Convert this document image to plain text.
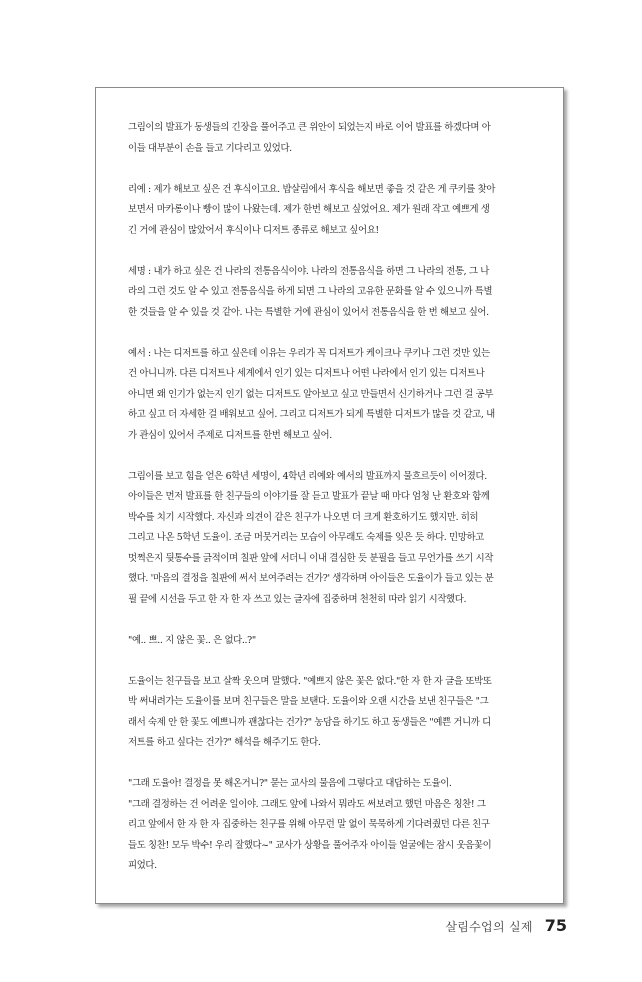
그림이의 발표가 동생들의 긴장을 풀어주고 큰 위안이 되었는지 바로 이어 발표를 하겠다며 아
이들 대부분이 손을 들고 기다리고 있었다.

리예 : 제가 해보고 싶은 건 후식이고요. 밥살림에서 후식을 해보면 좋을 것 같은 게 쿠키를 찾아
보면서 마카롱이나 빵이 많이 나왔는데. 제가 한번 해보고 싶었어요. 제가 원래 작고 예쁘게 생
긴 거에 관심이 많았어서 후식이나 디저트 종류로 해보고 싶어요!

세명 : 내가 하고 싶은 건 나라의 전통음식이야. 나라의 전통음식을 하면 그 나라의 전통, 그 나
라의 그런 것도 알 수 있고 전통음식을 하게 되면 그 나라의 고유한 문화를 알 수 있으니까 특별
한 것들을 알 수 있을 것 같아. 나는 특별한 거에 관심이 있어서 전통음식을 한 번 해보고 싶어.

예서 : 나는 디저트를 하고 싶은데 이유는 우리가 꼭 디저트가 케이크나 쿠키나 그런 것만 있는
건 아니니까. 다른 디저트나 세계에서 인기 있는 디저트나 어떤 나라에서 인기 있는 디저트나
아니면 왜 인기가 없는지 인기 없는 디저트도 알아보고 싶고 만들면서 신기하거나 그런 걸 공부
하고 싶고 더 자세한 걸 배워보고 싶어. 그리고 디저트가 되게 특별한 디저트가 많을 것 같고, 내
가 관심이 있어서 주제로 디저트를 한번 해보고 싶어.

그림이를 보고 힘을 얻은 6학년 세명이, 4학년 리예와 예서의 발표까지 물흐르듯이 이어졌다.
아이들은 먼저 발표를 한 친구들의 이야기를 잘 듣고 발표가 끝날 때 마다 엄청 난 환호와 함께
박수를 치기 시작했다. 자신과 의견이 같은 친구가 나오면 더 크게 환호하기도 했지만. 히히
그리고 나온 5학년 도율이. 조금 머뭇거리는 모습이 아무래도 숙제를 잊은 듯 하다. 민망하고
멋쩍은지 뒷통수를 긁적이며 칠판 앞에 서더니 이내 결심한 듯 분필을 들고 무언가를 쓰기 시작
했다. '마음의 결정을 칠판에 써서 보여주려는 건가?' 생각하며 아이들은 도율이가 들고 있는 분
필 끝에 시선을 두고 한 자 한 자 쓰고 있는 글자에 집중하며 천천히 따라 읽기 시작했다.

"예.. 쁘.. 지 않은 꽃.. 은 없다..?"

도율이는 친구들을 보고 살짝 웃으며 말했다. "예쁘지 않은 꽃은 없다."한 자 한 자 글을 또박또
박 써내려가는 도율이를 보며 친구들은 말을 보탠다. 도율이와 오랜 시간을 보낸 친구들은 "그
래서 숙제 안 한 꽃도 예쁘니까 괜찮다는 건가?" 농담을 하기도 하고 동생들은 "예쁜 거니까 디
저트를 하고 싶다는 건가?" 해석을 해주기도 한다.

"그래 도율아! 결정을 못 해온거니?" 묻는 교사의 물음에 그렇다고 대답하는 도율이.
"그래 결정하는 건 어려운 일이야. 그래도 앞에 나와서 뭐라도 써보려고 했던 마음은 칭찬! 그
리고 앞에서 한 자 한 자 집중하는 친구를 위해 아무런 말 없이 묵묵하게 기다려줬던 다른 친구
들도 칭찬! 모두 박수! 우리 잘했다~" 교사가 상황을 풀어주자 아이들 얼굴에는 잠시 웃음꽃이
피었다.

살림수업의 실제 75
